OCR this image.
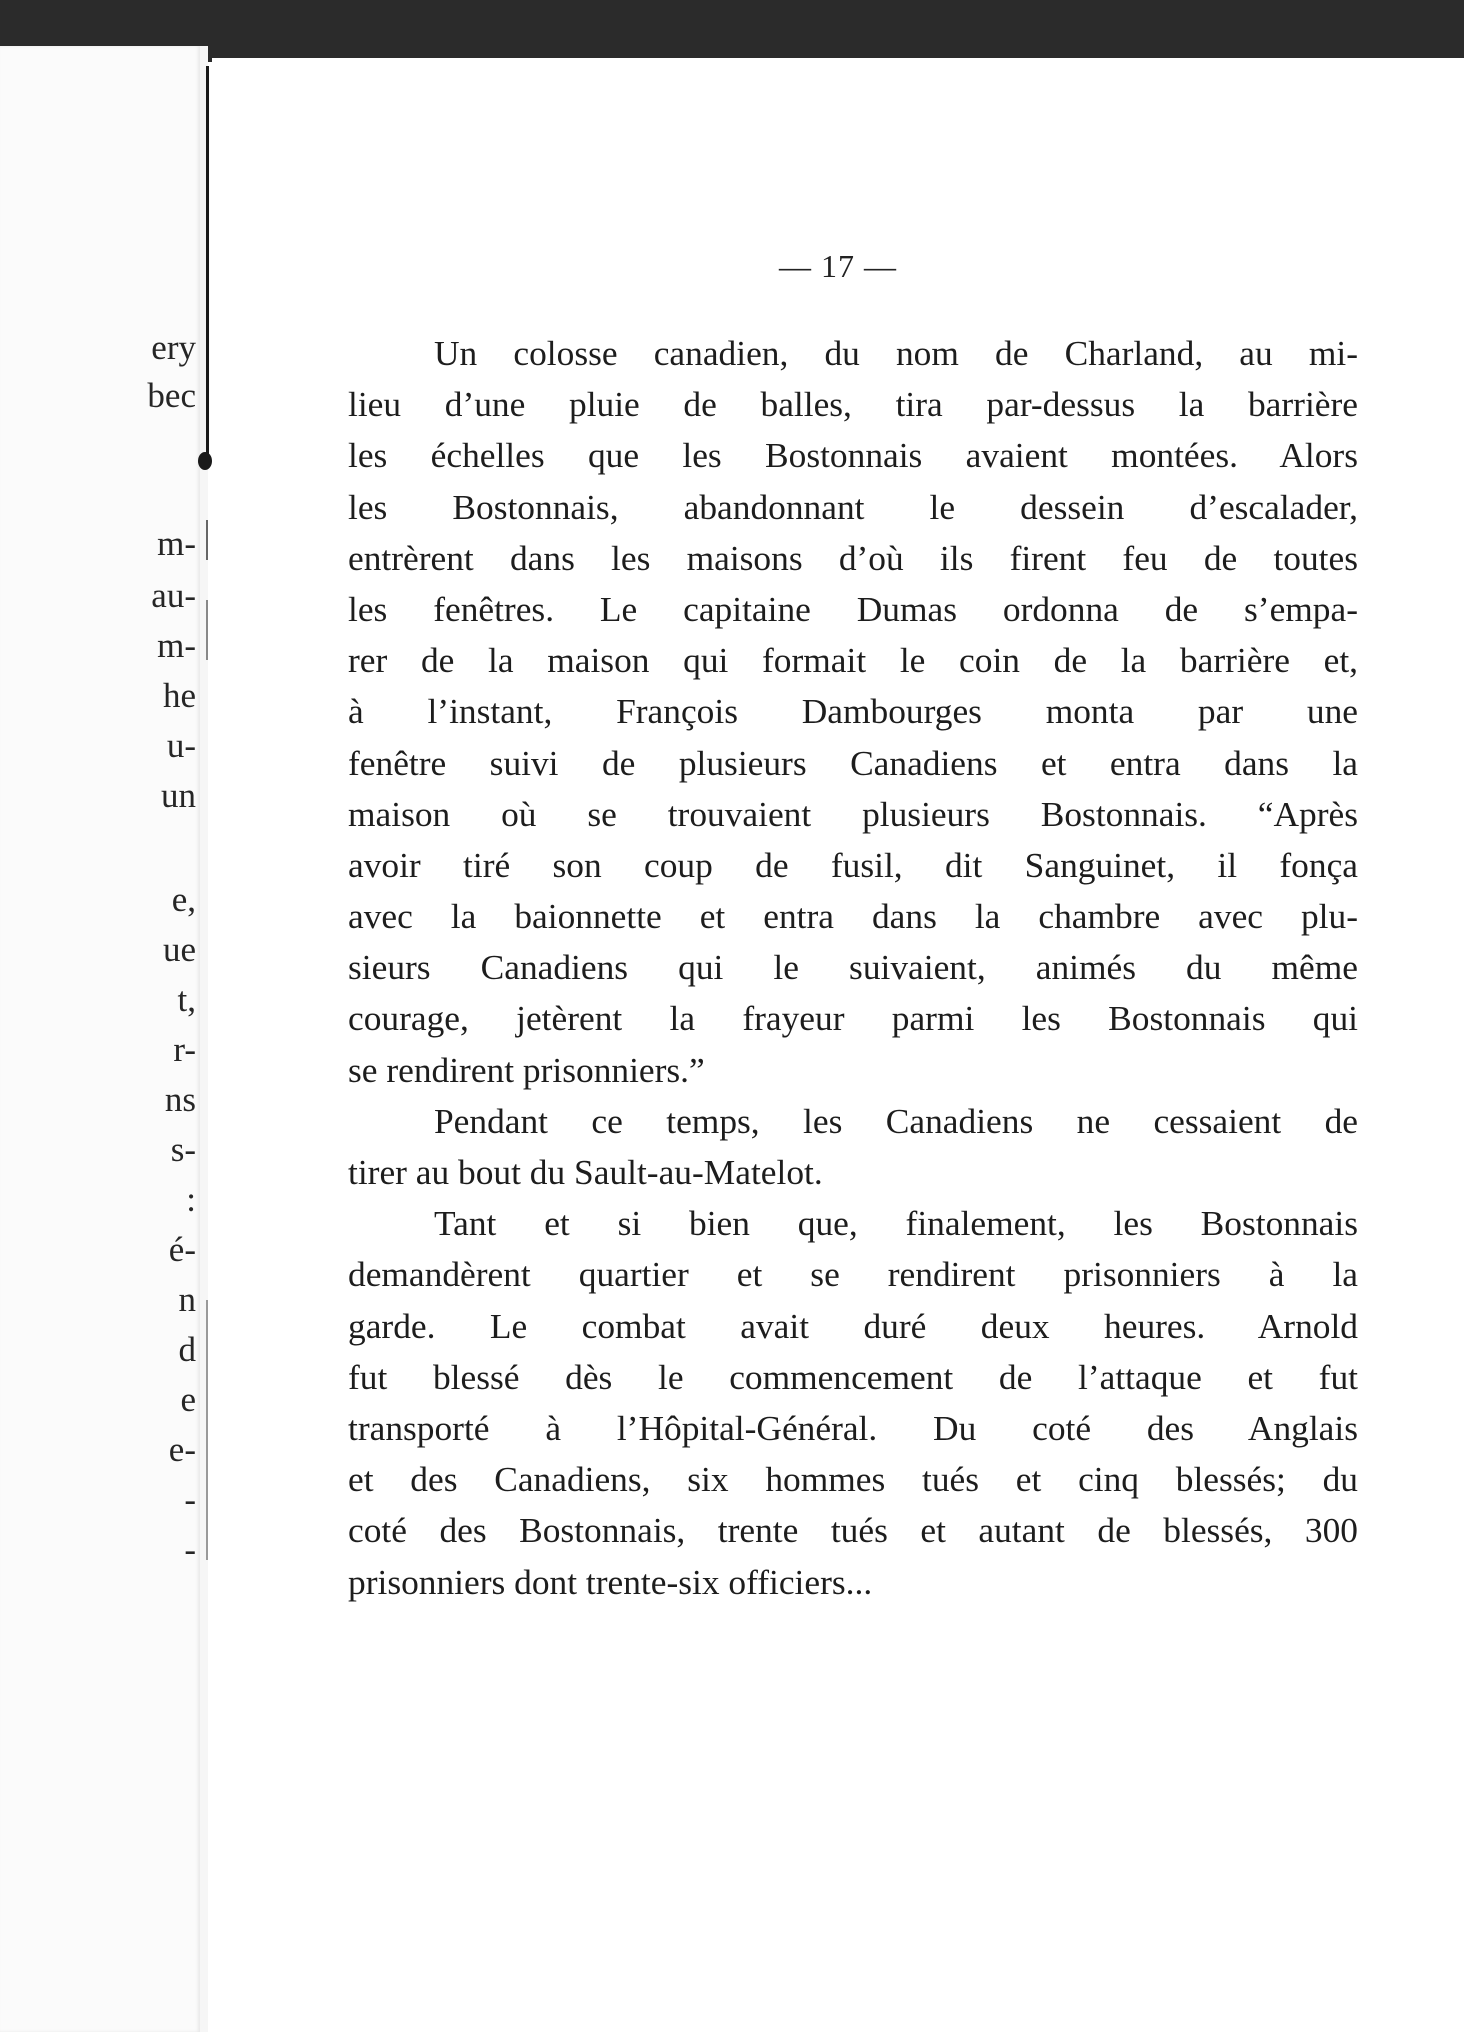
ery
bec
m-
au-
m-
he
u-
un
e,
ue
t,
r-
ns
s-
:
é-
n
d
e
e-
-
-
— 17 —
Un colosse canadien, du nom de Charland, au mi-
lieu d’une pluie de balles, tira par-dessus la barrière
les échelles que les Bostonnais avaient montées. Alors
les Bostonnais, abandonnant le dessein d’escalader,
entrèrent dans les maisons d’où ils firent feu de toutes
les fenêtres. Le capitaine Dumas ordonna de s’empa-
rer de la maison qui formait le coin de la barrière et,
à l’instant, François Dambourges monta par une
fenêtre suivi de plusieurs Canadiens et entra dans la
maison où se trouvaient plusieurs Bostonnais. “Après
avoir tiré son coup de fusil, dit Sanguinet, il fonça
avec la baionnette et entra dans la chambre avec plu-
sieurs Canadiens qui le suivaient, animés du même
courage, jetèrent la frayeur parmi les Bostonnais qui
se rendirent prisonniers.”
Pendant ce temps, les Canadiens ne cessaient de
tirer au bout du Sault-au-Matelot.
Tant et si bien que, finalement, les Bostonnais
demandèrent quartier et se rendirent prisonniers à la
garde. Le combat avait duré deux heures. Arnold
fut blessé dès le commencement de l’attaque et fut
transporté à l’Hôpital-Général. Du coté des Anglais
et des Canadiens, six hommes tués et cinq blessés; du
coté des Bostonnais, trente tués et autant de blessés, 300
prisonniers dont trente-six officiers...
